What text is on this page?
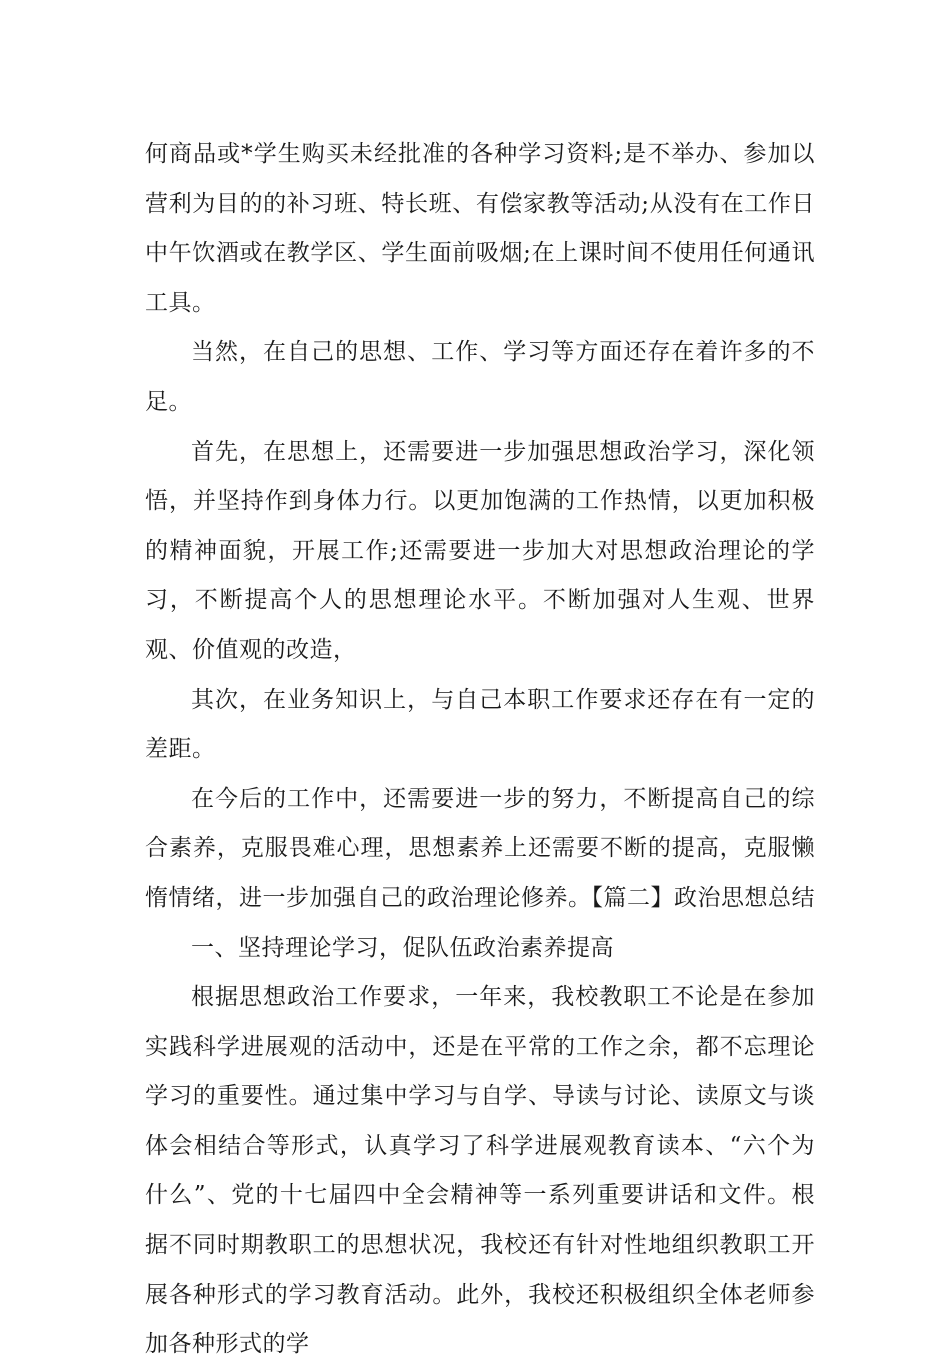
何商品或*学生购买未经批准的各种学习资料;是不举办、参加以营利为目的的补习班、特长班、有偿家教等活动;从没有在工作日中午饮酒或在教学区、学生面前吸烟;在上课时间不使用任何通讯工具。

当然，在自己的思想、工作、学习等方面还存在着许多的不足。

首先，在思想上，还需要进一步加强思想政治学习，深化领悟，并坚持作到身体力行。以更加饱满的工作热情，以更加积极的精神面貌，开展工作;还需要进一步加大对思想政治理论的学习，不断提高个人的思想理论水平。不断加强对人生观、世界观、价值观的改造，

其次，在业务知识上，与自己本职工作要求还存在有一定的差距。

在今后的工作中，还需要进一步的努力，不断提高自己的综合素养，克服畏难心理，思想素养上还需要不断的提高，克服懒惰情绪，进一步加强自己的政治理论修养。【篇二】政治思想总结

一、坚持理论学习，促队伍政治素养提高

根据思想政治工作要求，一年来，我校教职工不论是在参加实践科学进展观的活动中，还是在平常的工作之余，都不忘理论学习的重要性。通过集中学习与自学、导读与讨论、读原文与谈体会相结合等形式，认真学习了科学进展观教育读本、“六个为什么”、党的十七届四中全会精神等一系列重要讲话和文件。根据不同时期教职工的思想状况，我校还有针对性地组织教职工开展各种形式的学习教育活动。此外，我校还积极组织全体老师参加各种形式的学
